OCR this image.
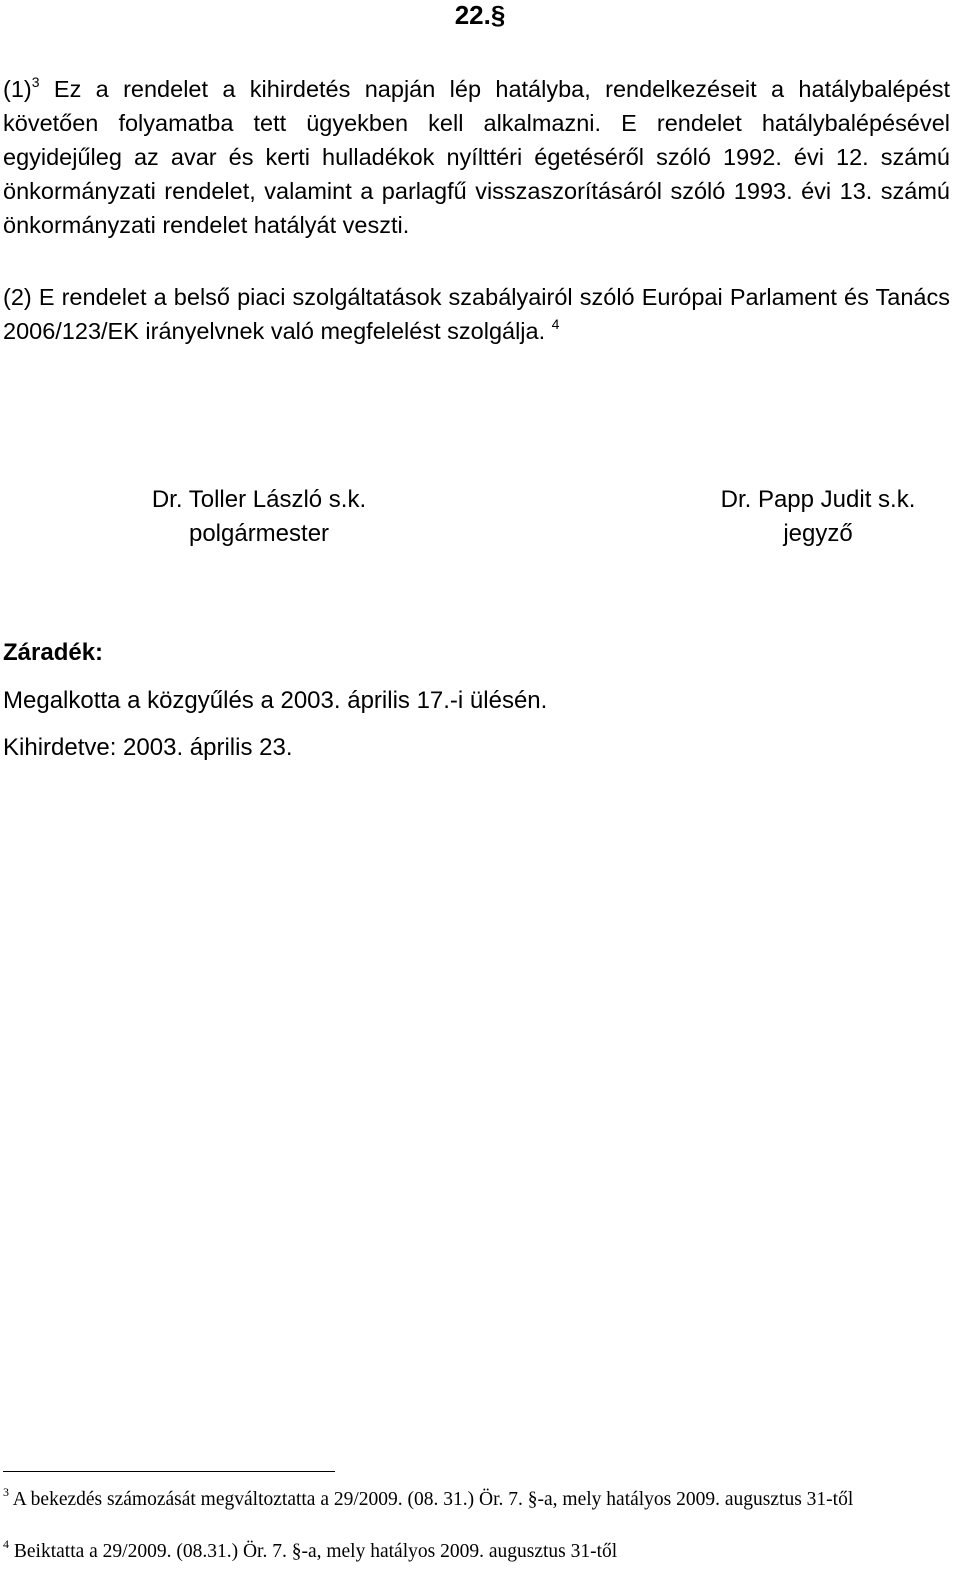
22.§

$(1)^3$ Ez a rendelet a kihirdetés napján lép hatályba, rendelkezéseit a hatálybalépést követően folyamatba tett ügyekben kell alkalmazni. E rendelet hatálybalépésével egyidejűleg az avar és kerti hulladékok nyílttéri égetéséről szóló 1992. évi 12. számú önkormányzati rendelet, valamint a parlagfű visszaszorításáról szóló 1993. évi 13. számú önkormányzati rendelet hatályát veszti.

(2) E rendelet a belső piaci szolgáltatások szabályairól szóló Európai Parlament és Tanács 2006/123/EK irányelvnek való megfelelést szolgálja. $^4$

Dr. Toller László s.k.
polgármester
Dr. Papp Judit s.k.
jegyző
Záradék:
Megalkotta a közgyűlés a 2003. április 17.-i ülésén.
Kihirdetve: 2003. április 23.

$^3$ A bekezdés számozását megváltoztatta a 29/2009. (08. 31.) Ör. 7. §-a, mely hatályos 2009. augusztus 31-től

$^4$ Beiktatta a 29/2009. (08.31.) Ör. 7. §-a, mely hatályos 2009. augusztus 31-től
